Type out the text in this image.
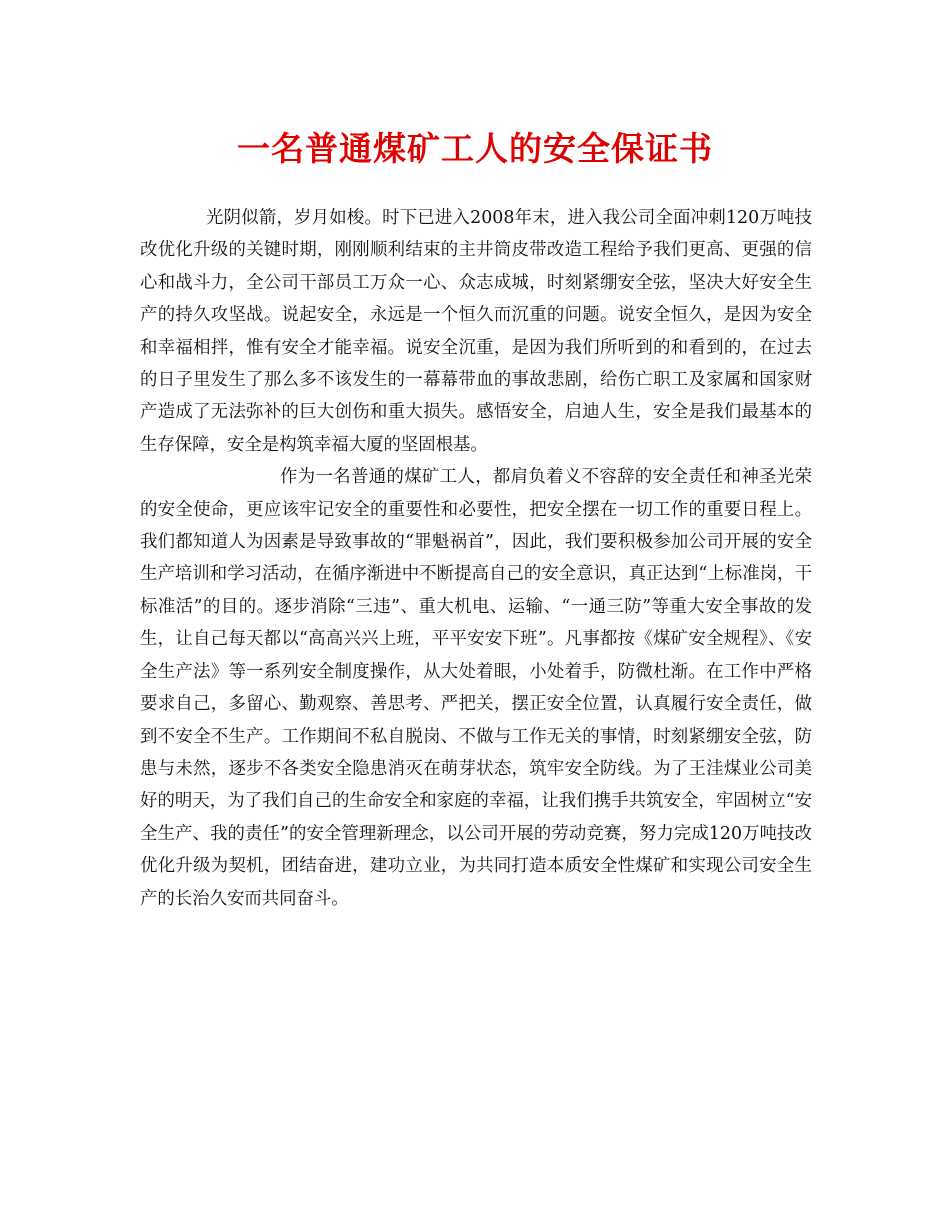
一名普通煤矿工人的安全保证书

光阴似箭，岁月如梭。时下已进入2008年末，进入我公司全面冲刺120万吨技改优化升级的关键时期，刚刚顺利结束的主井筒皮带改造工程给予我们更高、更强的信心和战斗力，全公司干部员工万众一心、众志成城，时刻紧绷安全弦，坚决大好安全生产的持久攻坚战。说起安全，永远是一个恒久而沉重的问题。说安全恒久，是因为安全和幸福相拌，惟有安全才能幸福。说安全沉重，是因为我们所听到的和看到的，在过去的日子里发生了那么多不该发生的一幕幕带血的事故悲剧，给伤亡职工及家属和国家财产造成了无法弥补的巨大创伤和重大损失。感悟安全，启迪人生，安全是我们最基本的生存保障，安全是构筑幸福大厦的坚固根基。

作为一名普通的煤矿工人，都肩负着义不容辞的安全责任和神圣光荣的安全使命，更应该牢记安全的重要性和必要性，把安全摆在一切工作的重要日程上。我们都知道人为因素是导致事故的“罪魁祸首”，因此，我们要积极参加公司开展的安全生产培训和学习活动，在循序渐进中不断提高自己的安全意识，真正达到“上标准岗，干标准活”的目的。逐步消除“三违”、重大机电、运输、“一通三防”等重大安全事故的发生，让自己每天都以“高高兴兴上班，平平安安下班”。凡事都按《煤矿安全规程》、《安全生产法》等一系列安全制度操作，从大处着眼，小处着手，防微杜渐。在工作中严格要求自己，多留心、勤观察、善思考、严把关，摆正安全位置，认真履行安全责任，做到不安全不生产。工作期间不私自脱岗、不做与工作无关的事情，时刻紧绷安全弦，防患与未然，逐步不各类安全隐患消灭在萌芽状态，筑牢安全防线。为了王洼煤业公司美好的明天，为了我们自己的生命安全和家庭的幸福，让我们携手共筑安全，牢固树立“安全生产、我的责任”的安全管理新理念，以公司开展的劳动竞赛，努力完成120万吨技改优化升级为契机，团结奋进，建功立业，为共同打造本质安全性煤矿和实现公司安全生产的长治久安而共同奋斗。
